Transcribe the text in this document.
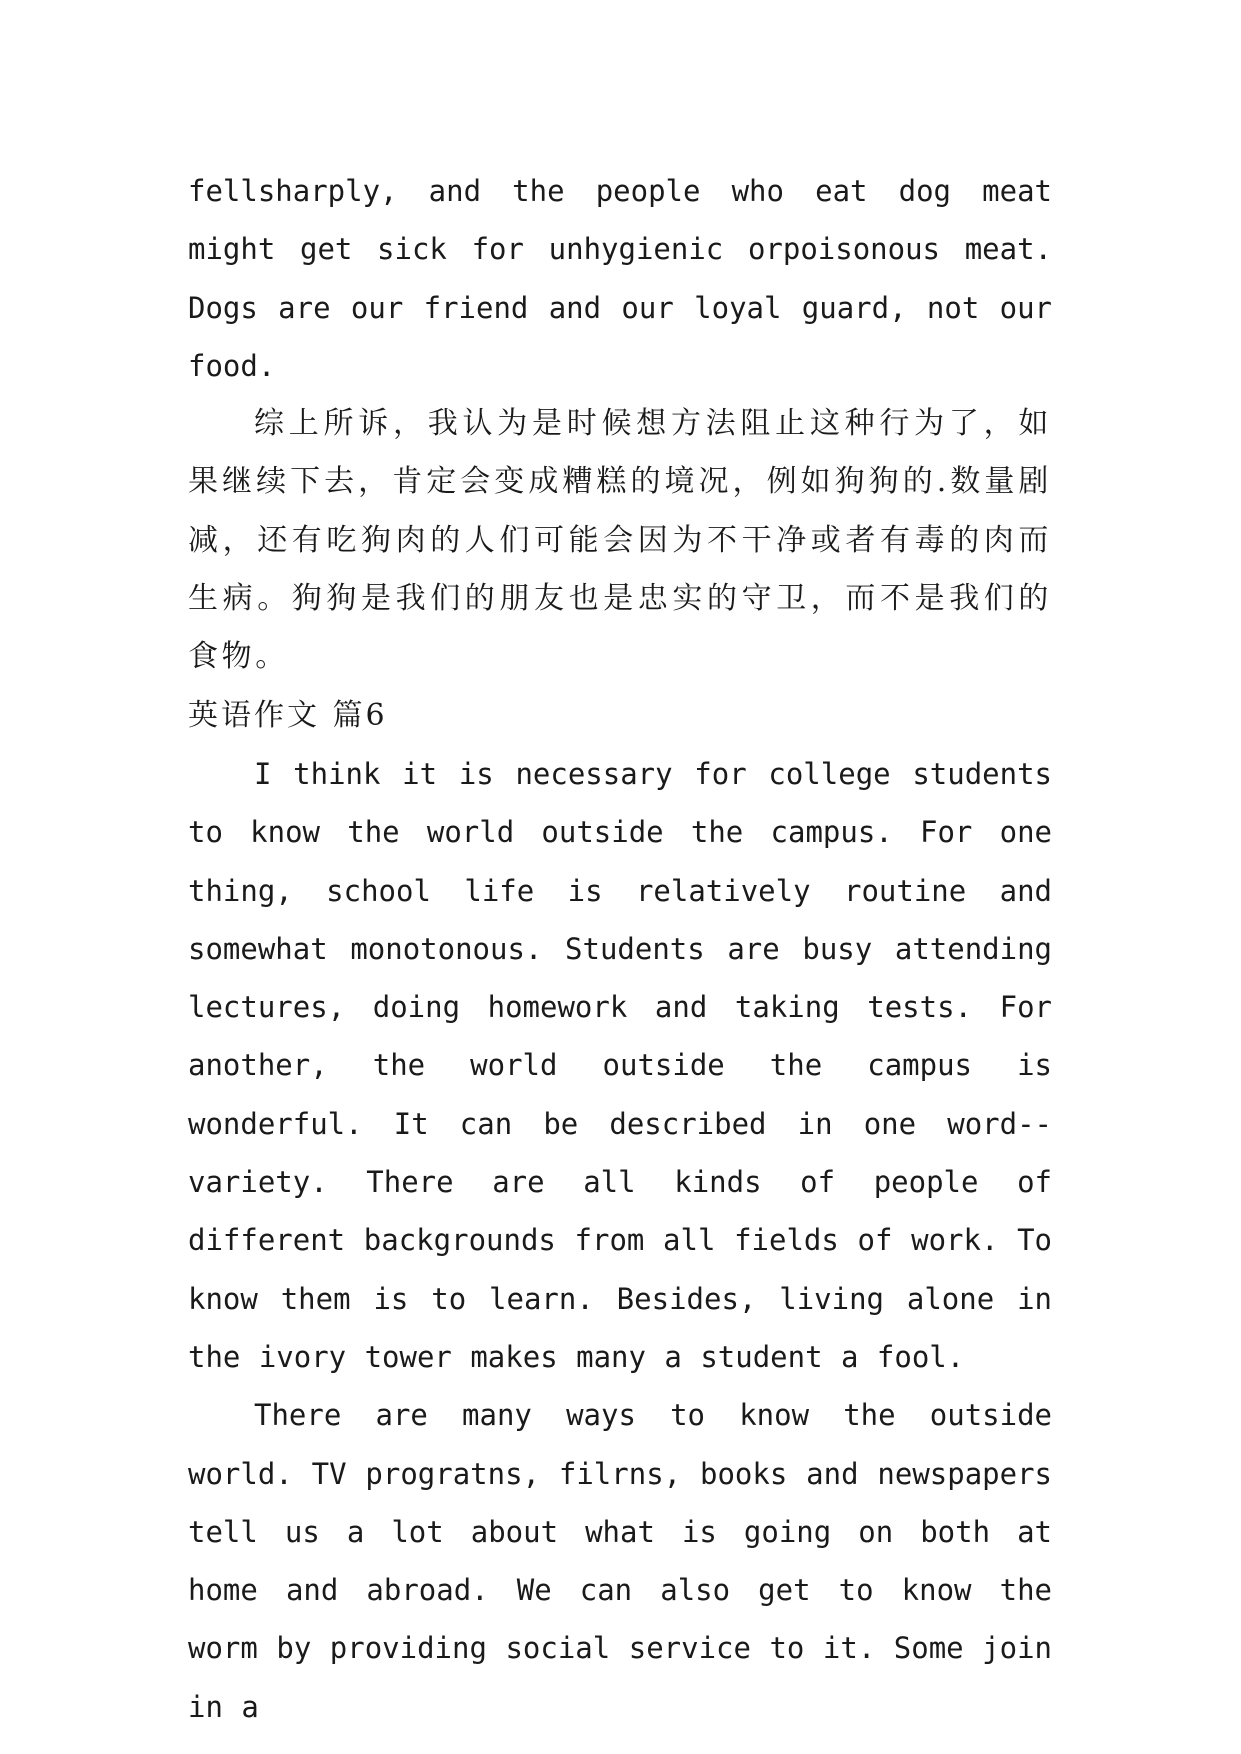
fellsharply, and the people who eat dog meat might get sick for unhygienic orpoisonous meat. Dogs are our friend and our loyal guard, not our food.

综上所诉，我认为是时候想方法阻止这种行为了，如果继续下去，肯定会变成糟糕的境况，例如狗狗的.数量剧减，还有吃狗肉的人们可能会因为不干净或者有毒的肉而生病。狗狗是我们的朋友也是忠实的守卫，而不是我们的食物。

英语作文 篇6

I think it is necessary for college students to know the world outside the campus. For one thing, school life is relatively routine and somewhat monotonous. Students are busy attending lectures, doing homework and taking tests. For another, the world outside the campus is wonderful. It can be described in one word--variety. There are all kinds of people of different backgrounds from all fields of work. To know them is to learn. Besides, living alone in the ivory tower makes many a student a fool.

There are many ways to know the outside world. TV progratns, filrns, books and newspapers tell us a lot about what is going on both at home and abroad. We can also get to know the worm by providing social service to it. Some join in a
